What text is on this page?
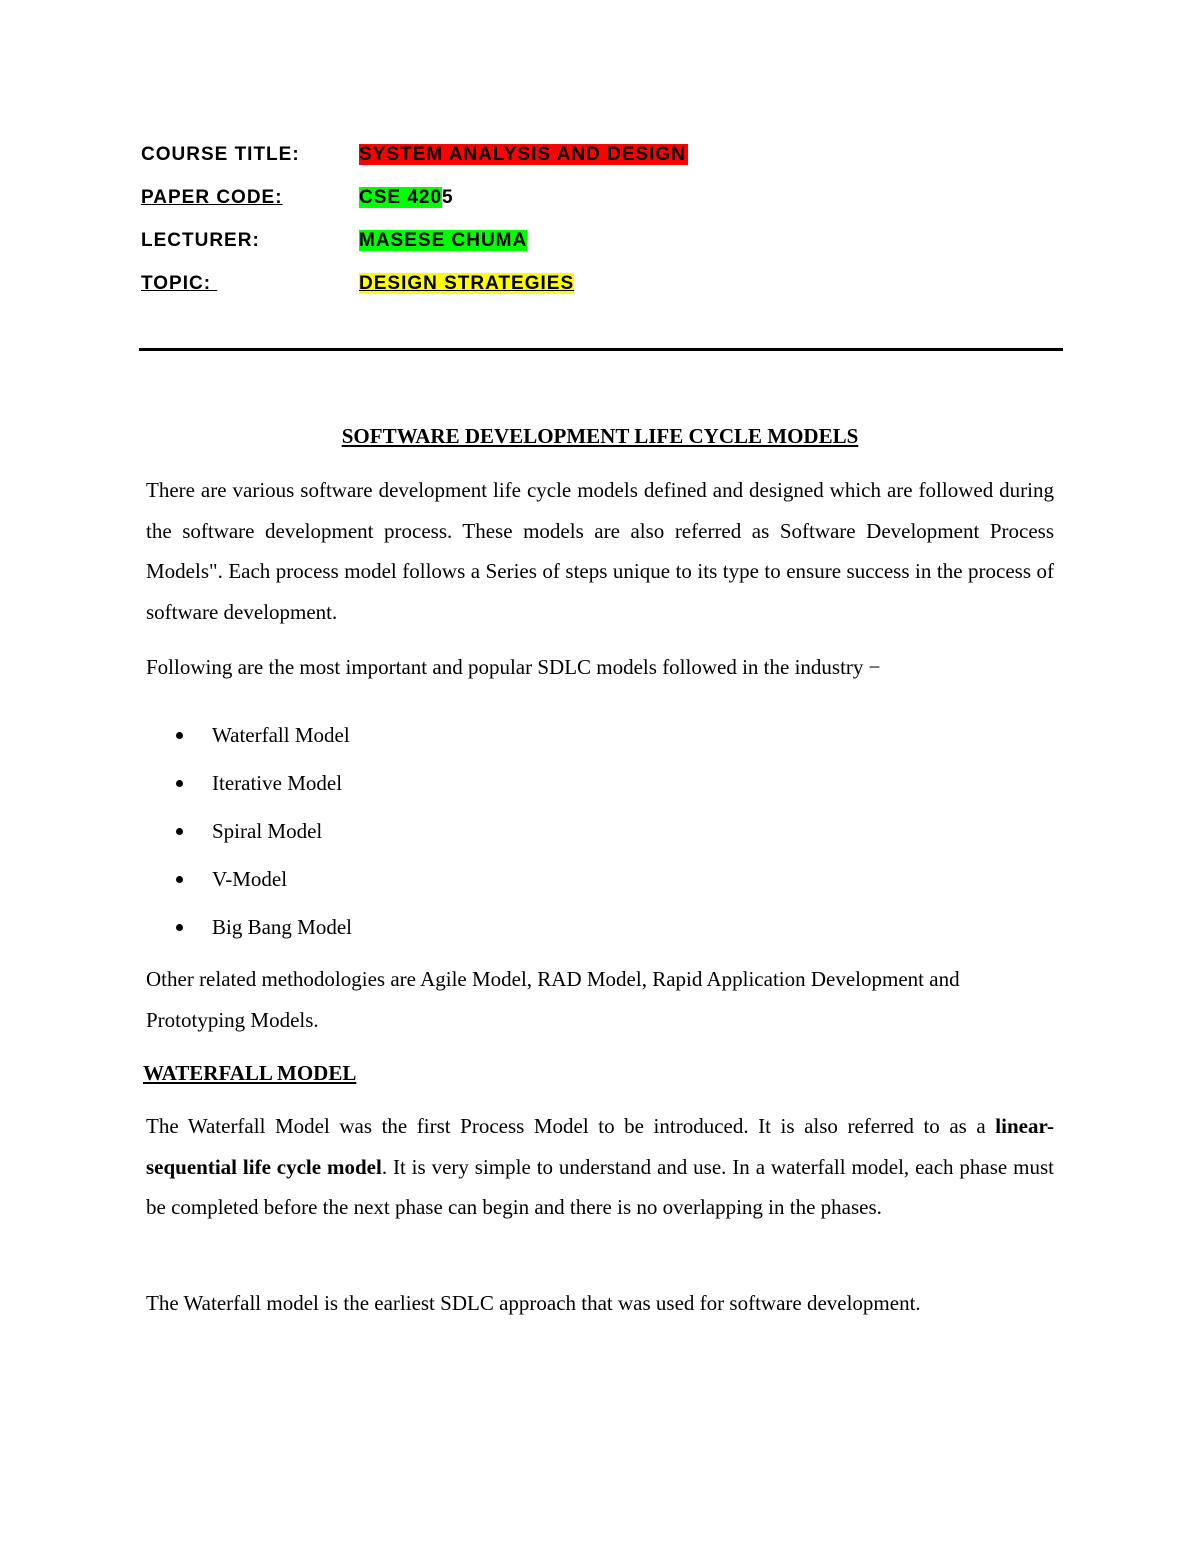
COURSE TITLE:	SYSTEM ANALYSIS AND DESIGN
PAPER CODE:	CSE 4205
LECTURER:	MASESE CHUMA
TOPIC:	DESIGN STRATEGIES
SOFTWARE DEVELOPMENT LIFE CYCLE MODELS

There are various software development life cycle models defined and designed which are followed during the software development process. These models are also referred as Software Development Process Models". Each process model follows a Series of steps unique to its type to ensure success in the process of software development.

Following are the most important and popular SDLC models followed in the industry −

Waterfall Model
Iterative Model
Spiral Model
V-Model
Big Bang Model

Other related methodologies are Agile Model, RAD Model, Rapid Application Development and Prototyping Models.

WATERFALL MODEL

The Waterfall Model was the first Process Model to be introduced. It is also referred to as a linear-sequential life cycle model. It is very simple to understand and use. In a waterfall model, each phase must be completed before the next phase can begin and there is no overlapping in the phases.

The Waterfall model is the earliest SDLC approach that was used for software development.
